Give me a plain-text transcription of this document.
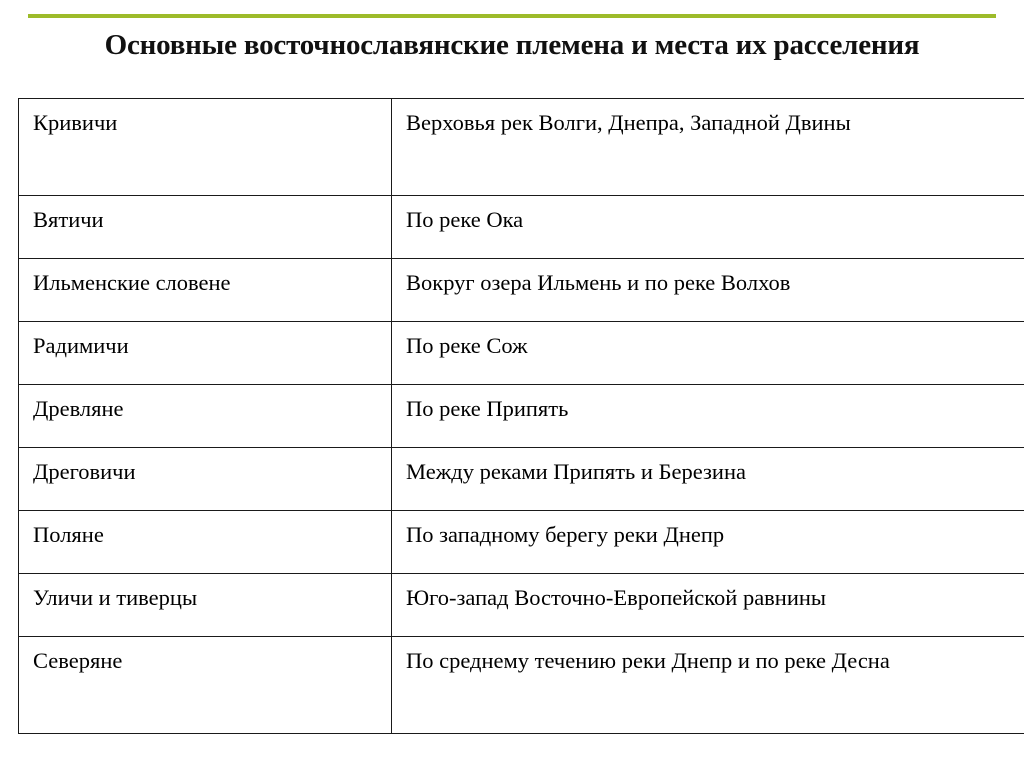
Основные восточнославянские племена и места их расселения
Кривичи	Верховья рек Волги, Днепра, Западной Двины
Вятичи	По реке Ока
Ильменские словене	Вокруг озера Ильмень и по реке Волхов
Радимичи	По реке Сож
Древляне	По реке Припять
Дреговичи	Между реками Припять и Березина
Поляне	По западному берегу реки Днепр
Уличи и тиверцы	Юго-запад Восточно-Европейской равнины
Северяне	По среднему течению реки Днепр и по реке Десна
